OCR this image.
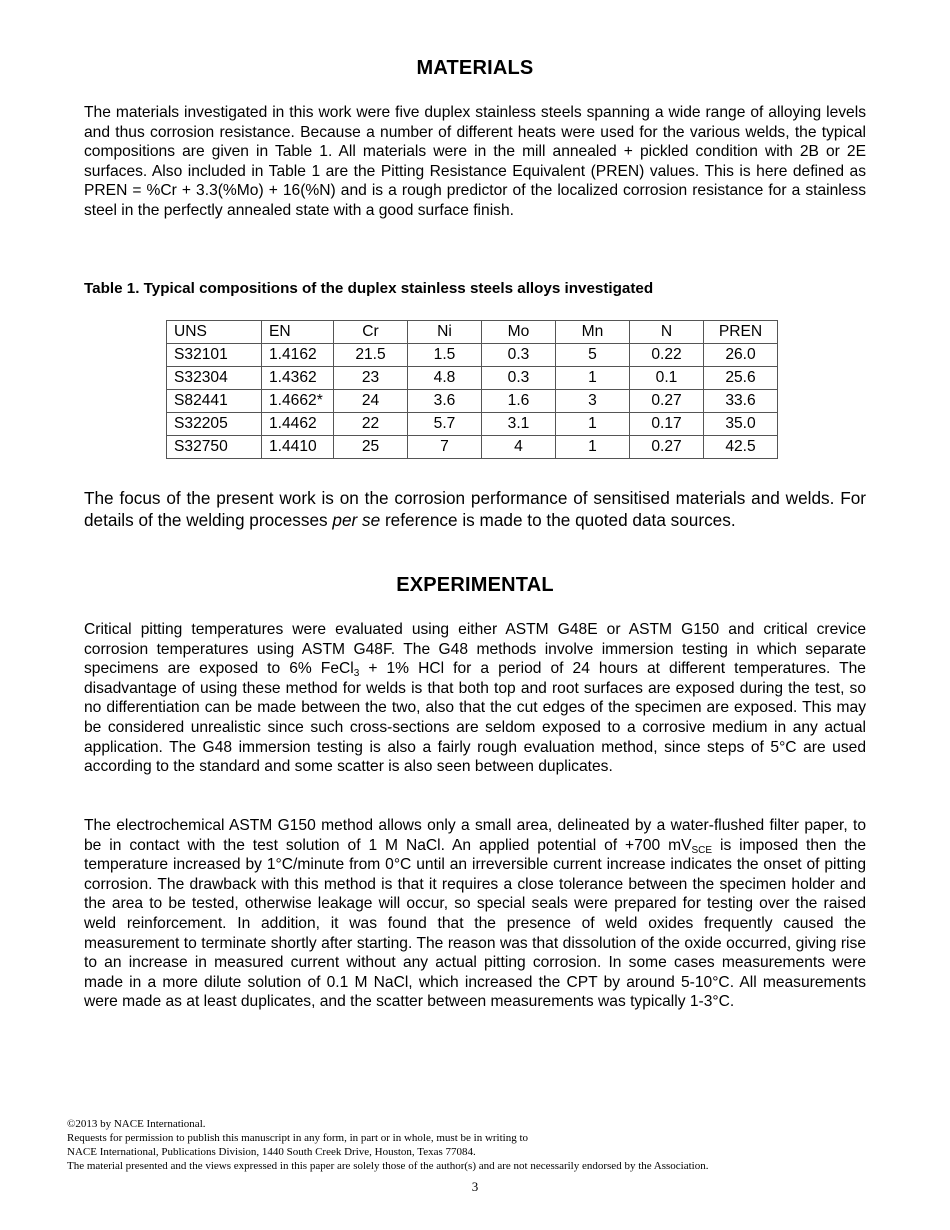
MATERIALS

The materials investigated in this work were five duplex stainless steels spanning a wide range of alloying levels and thus corrosion resistance. Because a number of different heats were used for the various welds, the typical compositions are given in Table 1. All materials were in the mill annealed + pickled condition with 2B or 2E surfaces. Also included in Table 1 are the Pitting Resistance Equivalent (PREN) values. This is here defined as PREN = %Cr + 3.3(%Mo) + 16(%N) and is a rough predictor of the localized corrosion resistance for a stainless steel in the perfectly annealed state with a good surface finish.

Table 1. Typical compositions of the duplex stainless steels alloys investigated

UNS	EN	Cr	Ni	Mo	Mn	N	PREN
S32101	1.4162	21.5	1.5	0.3	5	0.22	26.0
S32304	1.4362	23	4.8	0.3	1	0.1	25.6
S82441	1.4662*	24	3.6	1.6	3	0.27	33.6
S32205	1.4462	22	5.7	3.1	1	0.17	35.0
S32750	1.4410	25	7	4	1	0.27	42.5

The focus of the present work is on the corrosion performance of sensitised materials and welds. For details of the welding processes per se reference is made to the quoted data sources.

EXPERIMENTAL

Critical pitting temperatures were evaluated using either ASTM G48E or ASTM G150 and critical crevice corrosion temperatures using ASTM G48F. The G48 methods involve immersion testing in which separate specimens are exposed to 6% FeCl$_3$ + 1% HCl for a period of 24 hours at different temperatures. The disadvantage of using these method for welds is that both top and root surfaces are exposed during the test, so no differentiation can be made between the two, also that the cut edges of the specimen are exposed. This may be considered unrealistic since such cross-sections are seldom exposed to a corrosive medium in any actual application. The G48 immersion testing is also a fairly rough evaluation method, since steps of 5°C are used according to the standard and some scatter is also seen between duplicates.

The electrochemical ASTM G150 method allows only a small area, delineated by a water-flushed filter paper, to be in contact with the test solution of 1 M NaCl. An applied potential of +700 $mV_{SCE}$ is imposed then the temperature increased by 1°C/minute from 0°C until an irreversible current increase indicates the onset of pitting corrosion. The drawback with this method is that it requires a close tolerance between the specimen holder and the area to be tested, otherwise leakage will occur, so special seals were prepared for testing over the raised weld reinforcement. In addition, it was found that the presence of weld oxides frequently caused the measurement to terminate shortly after starting. The reason was that dissolution of the oxide occurred, giving rise to an increase in measured current without any actual pitting corrosion. In some cases measurements were made in a more dilute solution of 0.1 M NaCl, which increased the CPT by around 5-10°C. All measurements were made as at least duplicates, and the scatter between measurements was typically 1-3°C.

©2013 by NACE International.
Requests for permission to publish this manuscript in any form, in part or in whole, must be in writing to
NACE International, Publications Division, 1440 South Creek Drive, Houston, Texas 77084.
The material presented and the views expressed in this paper are solely those of the author(s) and are not necessarily endorsed by the Association.
3
